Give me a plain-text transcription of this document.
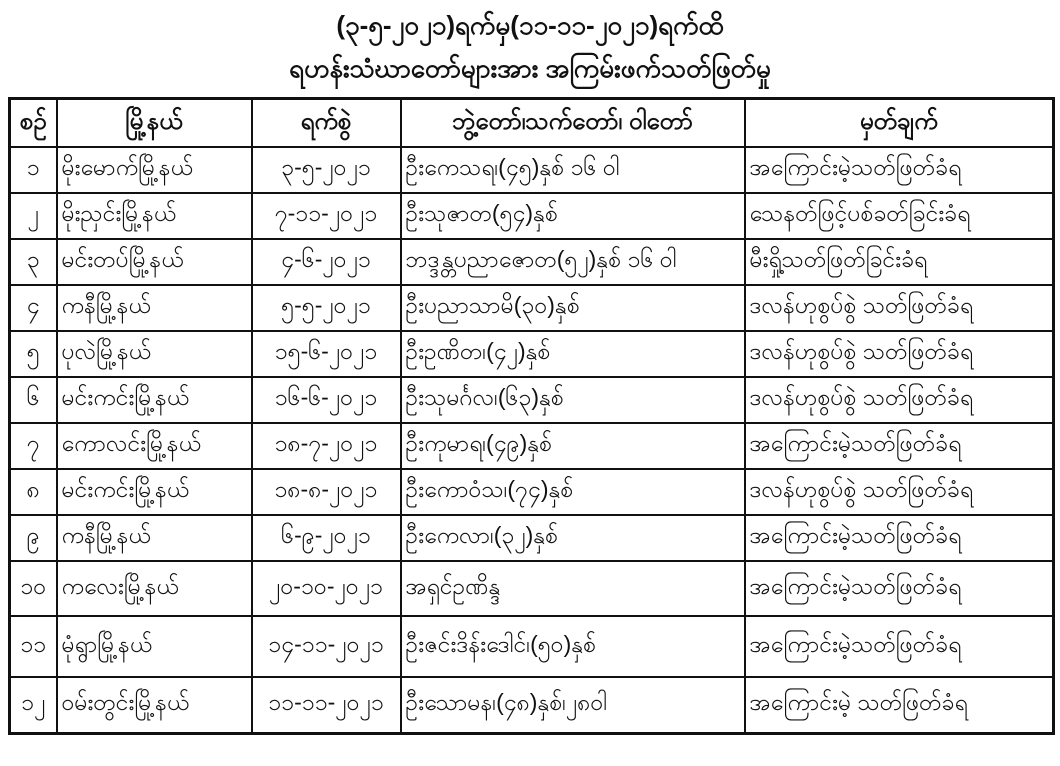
(၃-၅-၂၀၂၁)ရက်မှ(၁၁-၁၁-၂၀၂၁)ရက်ထိ
ရဟန်းသံဃာတော်များအား အကြမ်းဖက်သတ်ဖြတ်မှု
စဉ်	မြို့နယ်	ရက်စွဲ	ဘွဲ့တော်၊သက်တော်၊ ဝါတော်	မှတ်ချက်
၁	မိုးမောက်မြို့နယ်	၃-၅-၂၀၂၁	ဦးကေသရ၊(၄၅)နှစ် ၁၆ ဝါ	အကြောင်းမဲ့သတ်ဖြတ်ခံရ
၂	မိုးညှင်းမြို့နယ်	၇-၁၁-၂၀၂၁	ဦးသုဇာတ(၅၄)နှစ်	သေနတ်ဖြင့်ပစ်ခတ်ခြင်းခံရ
၃	မင်းတပ်မြို့နယ်	၄-၆-၂၀၂၁	ဘဒ္ဒန္တပညာဇောတ(၅၂)နှစ် ၁၆ ဝါ	မီးရှို့သတ်ဖြတ်ခြင်းခံရ
၄	ကနီမြို့နယ်	၅-၅-၂၀၂၁	ဦးပညာသာမိ(၃၀)နှစ်	ဒလန်ဟုစွပ်စွဲ သတ်ဖြတ်ခံရ
၅	ပုလဲမြို့နယ်	၁၅-၆-၂၀၂၁	ဦးဥဏိတ၊(၄၂)နှစ်	ဒလန်ဟုစွပ်စွဲ သတ်ဖြတ်ခံရ
၆	မင်းကင်းမြို့နယ်	၁၆-၆-၂၀၂၁	ဦးသုမင်္ဂလ၊(၆၃)နှစ်	ဒလန်ဟုစွပ်စွဲ သတ်ဖြတ်ခံရ
၇	ကောလင်းမြို့နယ်	၁၈-၇-၂၀၂၁	ဦးကုမာရ၊(၄၉)နှစ်	အကြောင်းမဲ့သတ်ဖြတ်ခံရ
၈	မင်းကင်းမြို့နယ်	၁၈-၈-၂၀၂၁	ဦးကောဝံသ၊(၇၄)နှစ်	ဒလန်ဟုစွပ်စွဲ သတ်ဖြတ်ခံရ
၉	ကနီမြို့နယ်	၆-၉-၂၀၂၁	ဦးကေလာ၊(၃၂)နှစ်	အကြောင်းမဲ့သတ်ဖြတ်ခံရ
၁၀	ကလေးမြို့နယ်	၂၀-၁၀-၂၀၂၁	အရှင်ဥဏိန္ဒ	အကြောင်းမဲ့သတ်ဖြတ်ခံရ
၁၁	မုံရွာမြို့နယ်	၁၄-၁၁-၂၀၂၁	ဦးဇင်းဒိန်းဒေါင်၊(၅၀)နှစ်	အကြောင်းမဲ့သတ်ဖြတ်ခံရ
၁၂	ဝမ်းတွင်းမြို့နယ်	၁၁-၁၁-၂၀၂၁	ဦးသောမန၊(၄၈)နှစ်၊၂၈ဝါ	အကြောင်းမဲ့ သတ်ဖြတ်ခံရ
